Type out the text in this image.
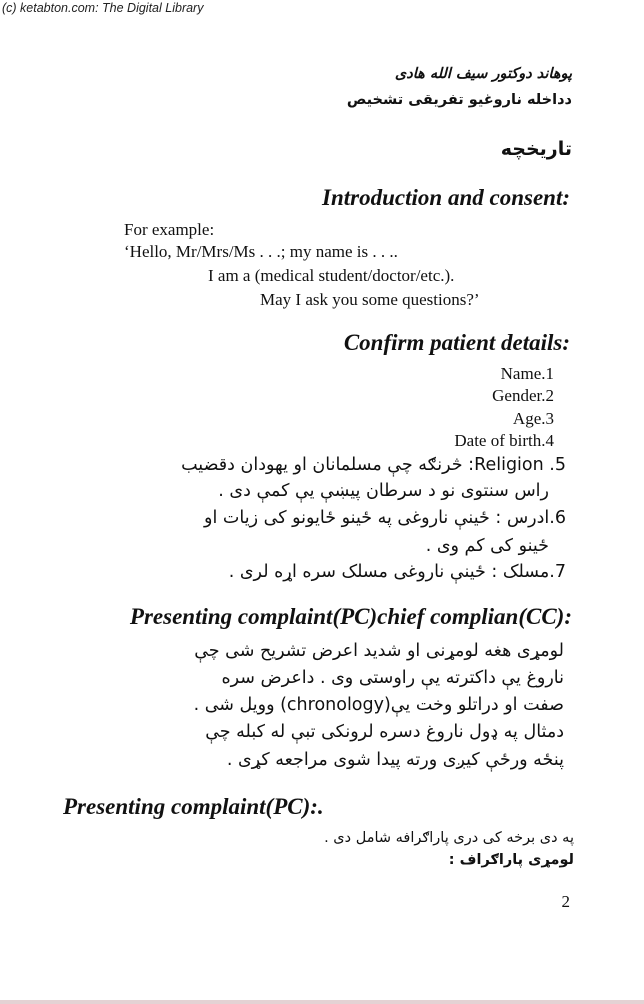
(c) ketabton.com: The Digital Library
پوهاند دوکتور سیف الله هادی
دداخله ناروغیو تفریقی تشخیص
تاریخچه
Introduction and consent:
For example:
‘Hello, Mr/Mrs/Ms . . .; my name is . . ..
I am a (medical student/doctor/etc.).
May I ask you some questions?’
Confirm patient details:
Name.1
Gender.2
Age.3
Date of birth.4
5. Religion: څرنګه چې مسلمانان او یهودان دقضیب
راس سنتوی نو د سرطان پیښې یې کمې دی .
6.ادرس : ځینې ناروغی په ځینو ځایونو کی زیات او
ځینو کی کم وی .
7.مسلک : ځینې ناروغی مسلک سره اړه لری .
Presenting complaint(PC)chief complian(CC):
لومړی هغه لومړنی او شدید اعرض تشریح شی چې
ناروغ یې داکترته یې راوستی وی . داعرض سره
صفت او دراتلو وخت یې(chronology) وویل شی .
دمثال په ډول ناروغ دسره لرونکی تبې له کبله چې
پنځه ورځې کیږی ورته پیدا شوی مراجعه کړی .
Presenting complaint(PC):.
په دی برخه کی دری پاراګرافه شامل دی .
لومړی پاراګراف :
2
